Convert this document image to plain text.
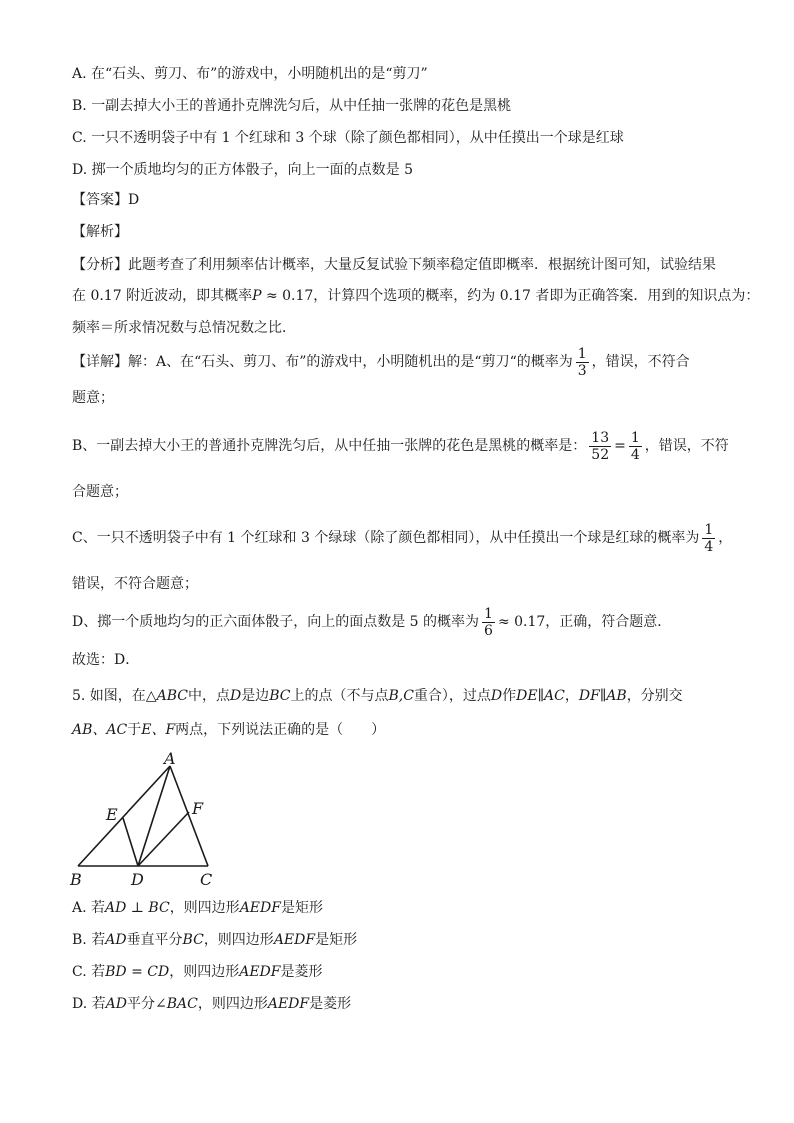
A. 在“石头、剪刀、布”的游戏中，小明随机出的是“剪刀”
B. 一副去掉大小王的普通扑克牌洗匀后，从中任抽一张牌的花色是黑桃
C. 一只不透明袋子中有 1 个红球和 3 个球（除了颜色都相同），从中任摸出一个球是红球
D. 掷一个质地均匀的正方体骰子，向上一面的点数是 5
【答案】D
【解析】
【分析】此题考查了利用频率估计概率，大量反复试验下频率稳定值即概率．根据统计图可知，试验结果
在 0.17 附近波动，即其概率P ≈ 0.17，计算四个选项的概率，约为 0.17 者即为正确答案．用到的知识点为：
频率＝所求情况数与总情况数之比．
【详解】解：A、在“石头、剪刀、布”的游戏中，小明随机出的是“剪刀“的概率为 $\frac{1}{3}$ ，错误，不符合
题意；
B、一副去掉大小王的普通扑克牌洗匀后，从中任抽一张牌的花色是黑桃的概率是： $\frac{13}{52} = \frac{1}{4}$ ，错误，不符
合题意；
C、一只不透明袋子中有 1 个红球和 3 个绿球（除了颜色都相同），从中任摸出一个球是红球的概率为 $\frac{1}{4}$ ，
错误，不符合题意；
D、掷一个质地均匀的正六面体骰子，向上的面点数是 5 的概率为 $\frac{1}{6} \approx 0.17$，正确，符合题意．
故选：D．
5. 如图，在△ABC中，点D是边BC上的点（不与点B,C重合），过点D作DE∥AC，DF∥AB，分别交
AB、AC于E、F两点，下列说法正确的是（　　）
A
B	C
D
E	F
A. 若AD ⊥ BC，则四边形AEDF是矩形
B. 若AD垂直平分BC，则四边形AEDF是矩形
C. 若BD = CD，则四边形AEDF是菱形
D. 若AD平分∠BAC，则四边形AEDF是菱形
